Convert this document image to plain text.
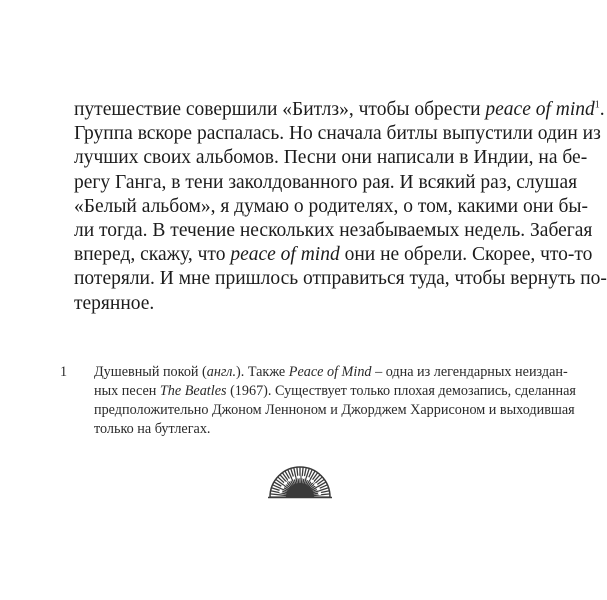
путешествие совершили «Битлз», чтобы обрести peace of mind$^1$.
Группа вскоре распалась. Но сначала битлы выпустили один из
лучших своих альбомов. Песни они написали в Индии, на бе-
регу Ганга, в тени заколдованного рая. И всякий раз, слушая
«Белый альбом», я думаю о родителях, о том, какими они бы-
ли тогда. В течение нескольких незабываемых недель. Забегая
вперед, скажу, что peace of mind они не обрели. Скорее, что-то
потеряли. И мне пришлось отправиться туда, чтобы вернуть по-
терянное.
1 Душевный покой (англ.). Также Peace of Mind – одна из легендарных неиздан-
ных песен The Beatles (1967). Существует только плохая демозапись, сделанная
предположительно Джоном Ленноном и Джорджем Харрисоном и выходившая
только на бутлегах.
